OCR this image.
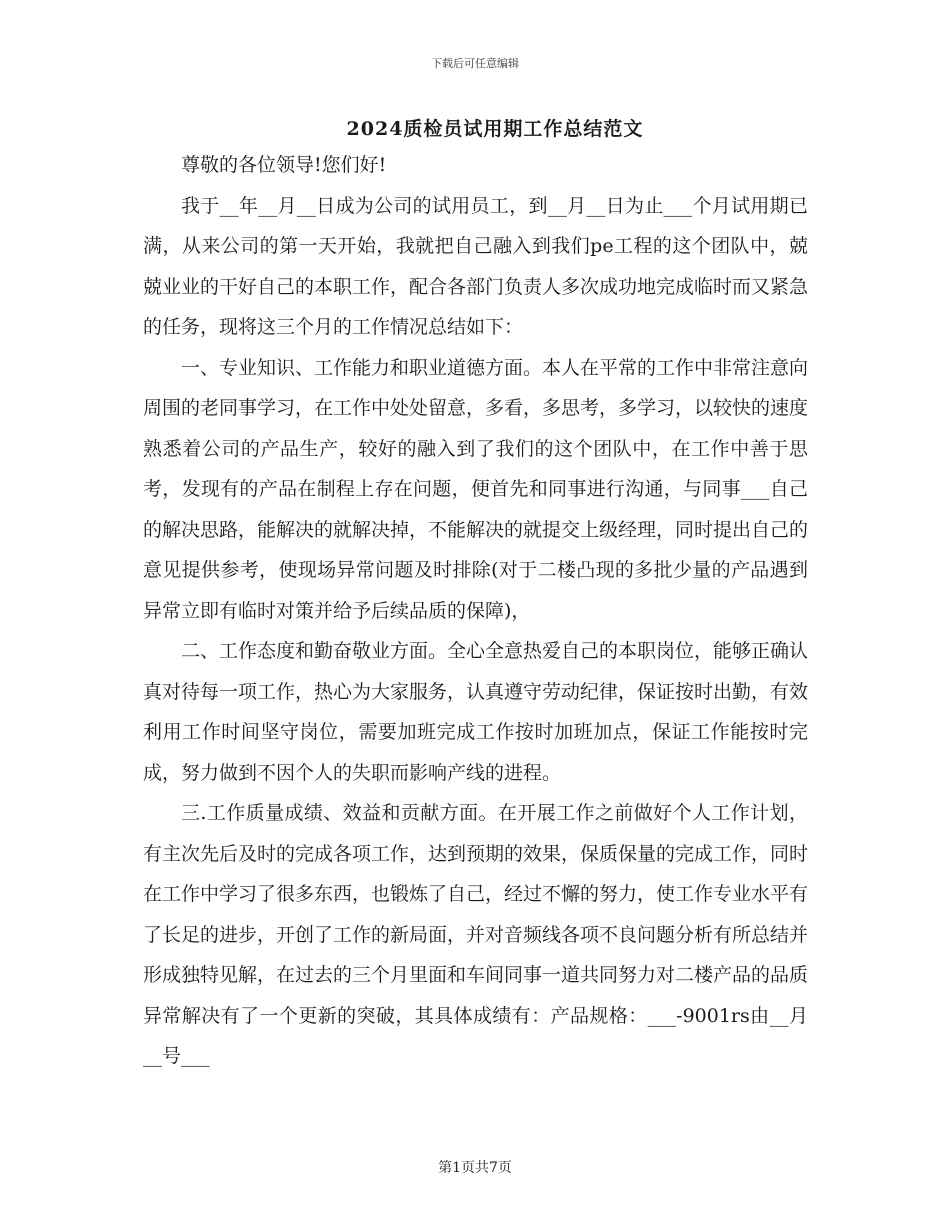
下载后可任意编辑
2024质检员试用期工作总结范文

尊敬的各位领导!您们好!

我于__年__月__日成为公司的试用员工，到__月__日为止___个月试用期已满，从来公司的第一天开始，我就把自己融入到我们pe工程的这个团队中，兢兢业业的干好自己的本职工作，配合各部门负责人多次成功地完成临时而又紧急的任务，现将这三个月的工作情况总结如下：

一、专业知识、工作能力和职业道德方面。本人在平常的工作中非常注意向周围的老同事学习，在工作中处处留意，多看，多思考，多学习，以较快的速度熟悉着公司的产品生产，较好的融入到了我们的这个团队中，在工作中善于思考，发现有的产品在制程上存在问题，便首先和同事进行沟通，与同事___自己的解决思路，能解决的就解决掉，不能解决的就提交上级经理，同时提出自己的意见提供参考，使现场异常问题及时排除(对于二楼凸现的多批少量的产品遇到异常立即有临时对策并给予后续品质的保障)，

二、工作态度和勤奋敬业方面。全心全意热爱自己的本职岗位，能够正确认真对待每一项工作，热心为大家服务，认真遵守劳动纪律，保证按时出勤，有效利用工作时间坚守岗位，需要加班完成工作按时加班加点，保证工作能按时完成，努力做到不因个人的失职而影响产线的进程。

三.工作质量成绩、效益和贡献方面。在开展工作之前做好个人工作计划，有主次先后及时的完成各项工作，达到预期的效果，保质保量的完成工作，同时在工作中学习了很多东西，也锻炼了自己，经过不懈的努力，使工作专业水平有了长足的进步，开创了工作的新局面，并对音频线各项不良问题分析有所总结并形成独特见解，在过去的三个月里面和车间同事一道共同努力对二楼产品的品质异常解决有了一个更新的突破，其具体成绩有：产品规格：___-9001rs由__月__号___

第1页共7页
